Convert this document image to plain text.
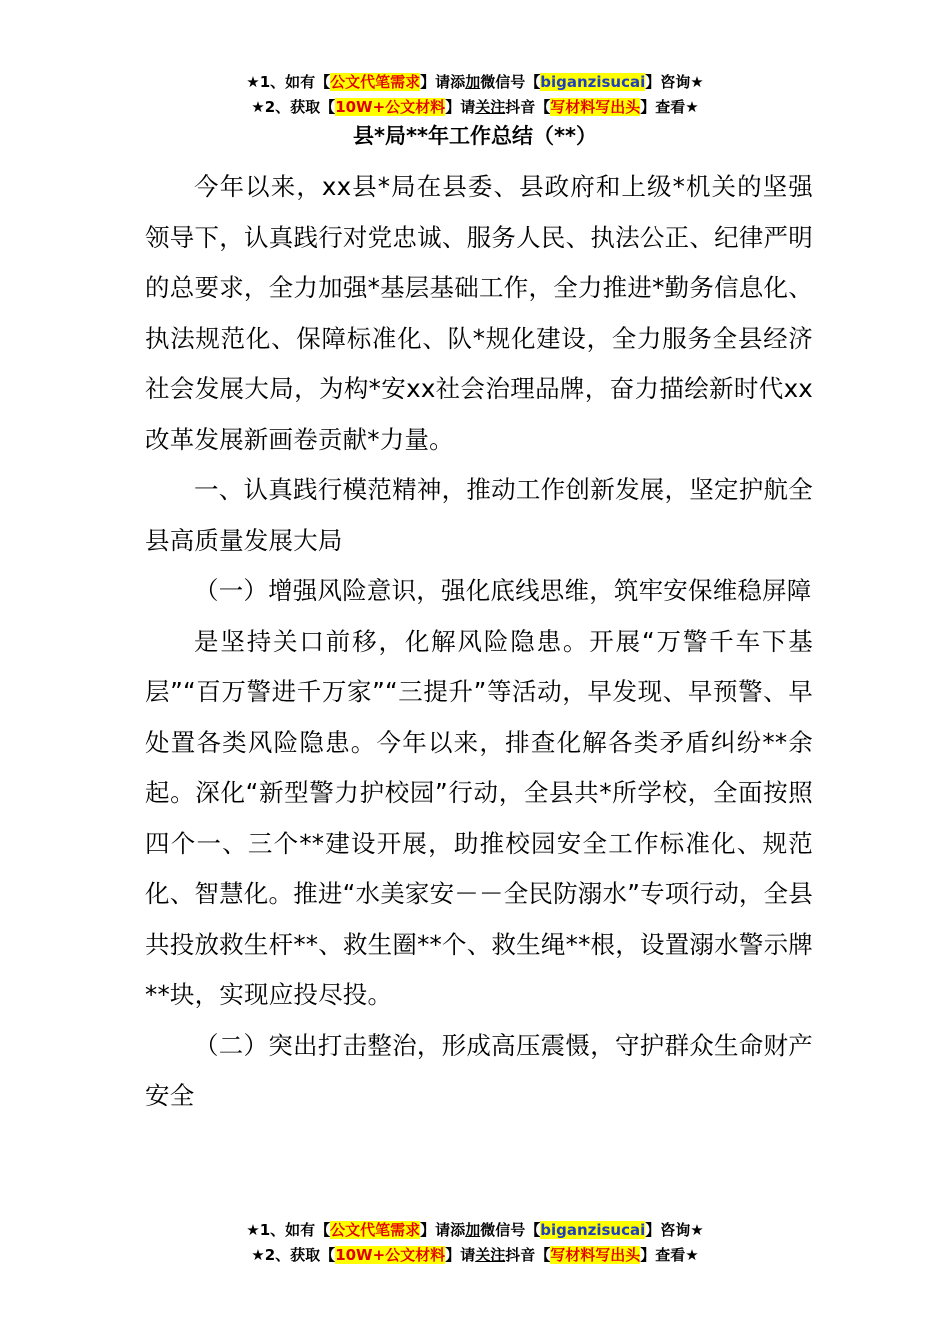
★1、如有【公文代笔需求】请添加微信号【biganzisucai】咨询★
★2、获取【10W+公文材料】请关注抖音【写材料写出头】查看★
县*局**年工作总结（**）

今年以来，xx县*局在县委、县政府和上级*机关的坚强领导下，认真践行对党忠诚、服务人民、执法公正、纪律严明的总要求，全力加强*基层基础工作，全力推进*勤务信息化、执法规范化、保障标准化、队*规化建设，全力服务全县经济社会发展大局，为构*安xx社会治理品牌，奋力描绘新时代xx改革发展新画卷贡献*力量。

一、认真践行模范精神，推动工作创新发展，坚定护航全县高质量发展大局

（一）增强风险意识，强化底线思维，筑牢安保维稳屏障

是坚持关口前移，化解风险隐患。开展“万警千车下基层”“百万警进千万家”“三提升”等活动，早发现、早预警、早处置各类风险隐患。今年以来，排查化解各类矛盾纠纷**余起。深化“新型警力护校园”行动，全县共*所学校，全面按照四个一、三个**建设开展，助推校园安全工作标准化、规范化、智慧化。推进“水美家安－－全民防溺水”专项行动，全县共投放救生杆**、救生圈**个、救生绳**根，设置溺水警示牌**块，实现应投尽投。

（二）突出打击整治，形成高压震慑，守护群众生命财产安全

★1、如有【公文代笔需求】请添加微信号【biganzisucai】咨询★
★2、获取【10W+公文材料】请关注抖音【写材料写出头】查看★
